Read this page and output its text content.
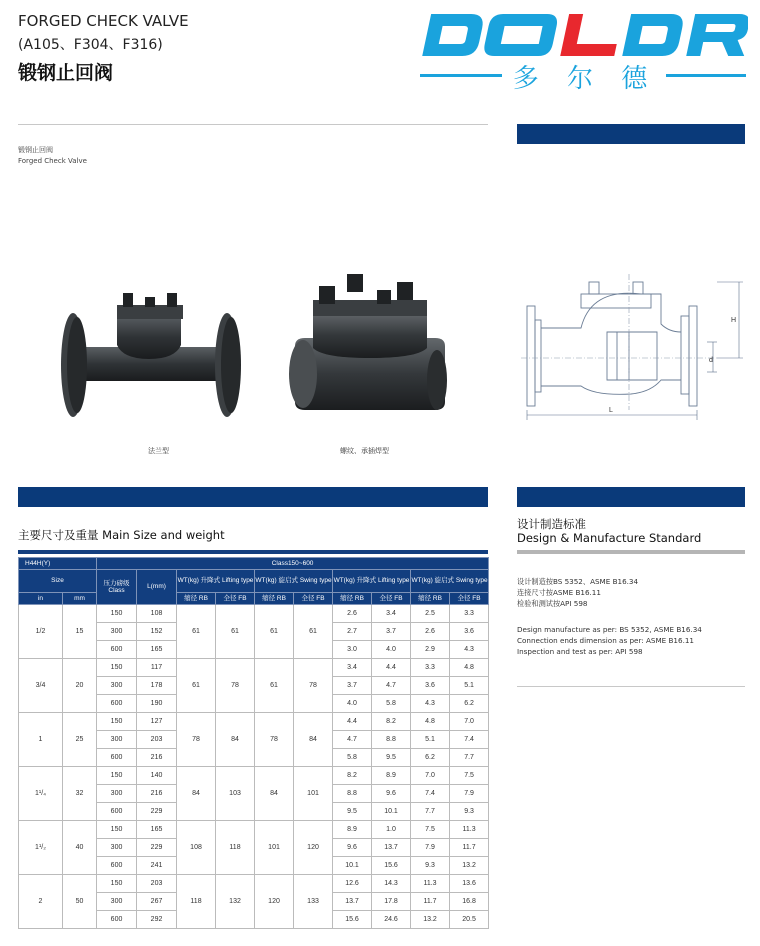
FORGED CHECK VALVE
(A105、F304、F316)
锻钢止回阀	多 尔 德
锻钢止回阀
Forged Check Valve
法兰型	螺纹、承插焊型
L
H
d
主要尺寸及重量 Main Size and weight
H44H(Y)		Class150~600									
Size		压力磅级 Class	L(mm)	WT(kg) 升降式 Lifting type		WT(kg) 旋启式 Swing type		WT(kg) 升降式 Lifting type		WT(kg) 旋启式 Swing type	
in	mm			缩径 RB	全径 FB	缩径 RB	全径 FB	缩径 RB	全径 FB	缩径 RB	全径 FB
1/2	15	150	108	61	61	61	61	2.6	3.4	2.5	3.3
		300	152					2.7	3.7	2.6	3.6
		600	165					3.0	4.0	2.9	4.3
3/4	20	150	117	61	78	61	78	3.4	4.4	3.3	4.8
		300	178					3.7	4.7	3.6	5.1
		600	190					4.0	5.8	4.3	6.2
1	25	150	127	78	84	78	84	4.4	8.2	4.8	7.0
		300	203					4.7	8.8	5.1	7.4
		600	216					5.8	9.5	6.2	7.7
1¹/₄	32	150	140	84	103	84	101	8.2	8.9	7.0	7.5
		300	216					8.8	9.6	7.4	7.9
		600	229					9.5	10.1	7.7	9.3
1¹/₂	40	150	165	108	118	101	120	8.9	1.0	7.5	11.3
		300	229					9.6	13.7	7.9	11.7
		600	241					10.1	15.6	9.3	13.2
2	50	150	203	118	132	120	133	12.6	14.3	11.3	13.6
		300	267					13.7	17.8	11.7	16.8
		600	292					15.6	24.6	13.2	20.5
设计制造标准
Design & Manufacture Standard
设计制造按BS 5352、ASME B16.34
连接尺寸按ASME B16.11
检验和测试按API 598
Design manufacture as per: BS 5352, ASME B16.34
Connection ends dimension as per: ASME B16.11
Inspection and test as per: API 598
